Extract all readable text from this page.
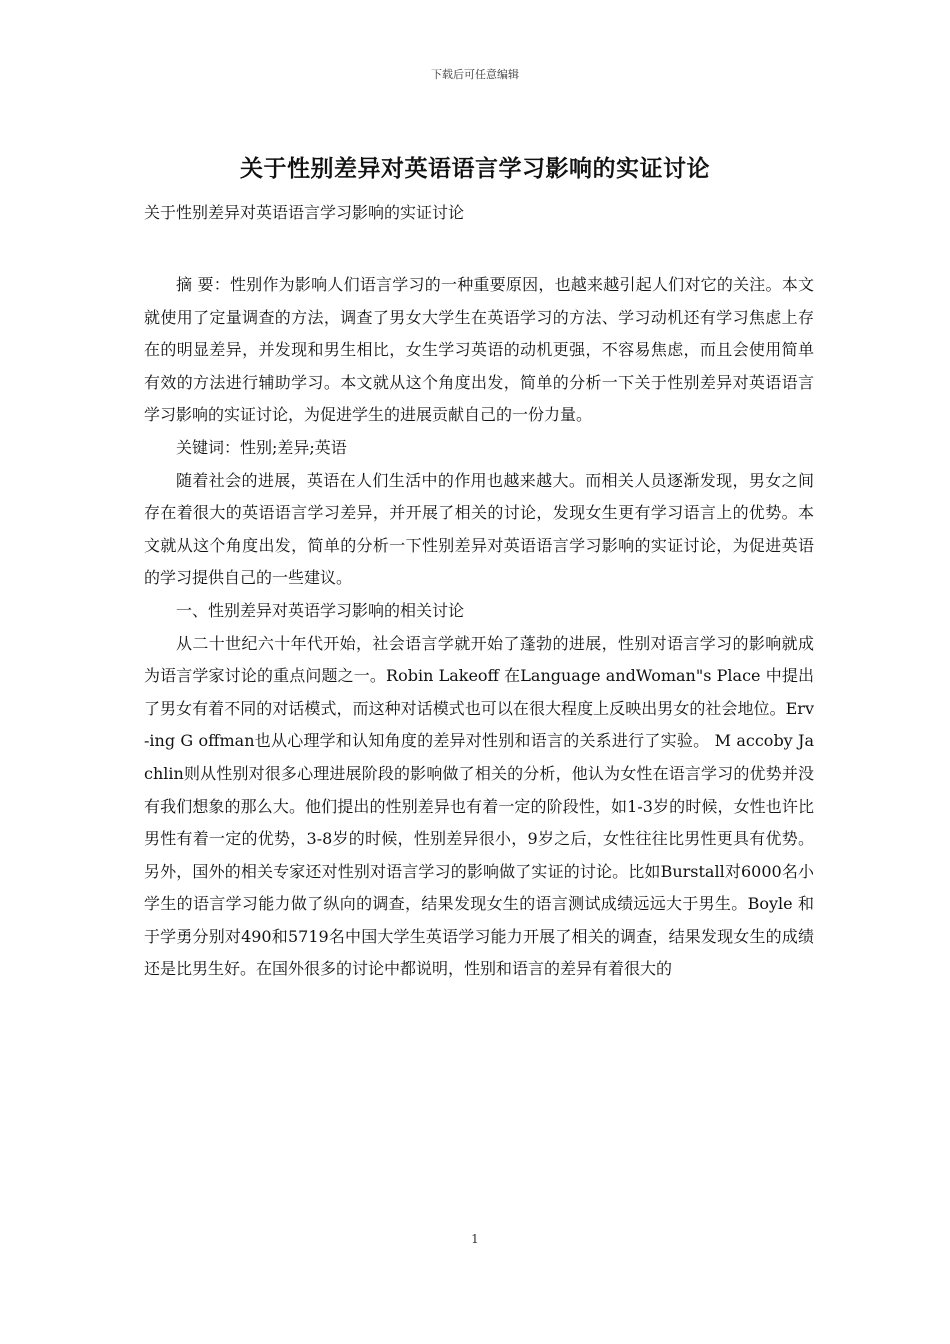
下载后可任意编辑
关于性别差异对英语语言学习影响的实证讨论

关于性别差异对英语语言学习影响的实证讨论

摘 要：性别作为影响人们语言学习的一种重要原因，也越来越引起人们对它的关注。本文就使用了定量调查的方法，调查了男女大学生在英语学习的方法、学习动机还有学习焦虑上存在的明显差异，并发现和男生相比，女生学习英语的动机更强，不容易焦虑，而且会使用简单有效的方法进行辅助学习。本文就从这个角度出发，简单的分析一下关于性别差异对英语语言学习影响的实证讨论，为促进学生的进展贡献自己的一份力量。

关键词：性别;差异;英语

随着社会的进展，英语在人们生活中的作用也越来越大。而相关人员逐渐发现，男女之间存在着很大的英语语言学习差异，并开展了相关的讨论，发现女生更有学习语言上的优势。本文就从这个角度出发，简单的分析一下性别差异对英语语言学习影响的实证讨论，为促进英语的学习提供自己的一些建议。

一、性别差异对英语学习影响的相关讨论

从二十世纪六十年代开始，社会语言学就开始了蓬勃的进展，性别对语言学习的影响就成为语言学家讨论的重点问题之一。Robin Lakeoff 在Language andWoman"s Place 中提出了男女有着不同的对话模式，而这种对话模式也可以在很大程度上反映出男女的社会地位。Erv-ing G offman也从心理学和认知角度的差异对性别和语言的关系进行了实验。 M accoby Jachlin则从性别对很多心理进展阶段的影响做了相关的分析，他认为女性在语言学习的优势并没有我们想象的那么大。他们提出的性别差异也有着一定的阶段性，如1-3岁的时候，女性也许比男性有着一定的优势，3-8岁的时候，性别差异很小，9岁之后，女性往往比男性更具有优势。另外，国外的相关专家还对性别对语言学习的影响做了实证的讨论。比如Burstall对6000名小学生的语言学习能力做了纵向的调查，结果发现女生的语言测试成绩远远大于男生。Boyle 和于学勇分别对490和5719名中国大学生英语学习能力开展了相关的调查，结果发现女生的成绩还是比男生好。在国外很多的讨论中都说明，性别和语言的差异有着很大的

1
